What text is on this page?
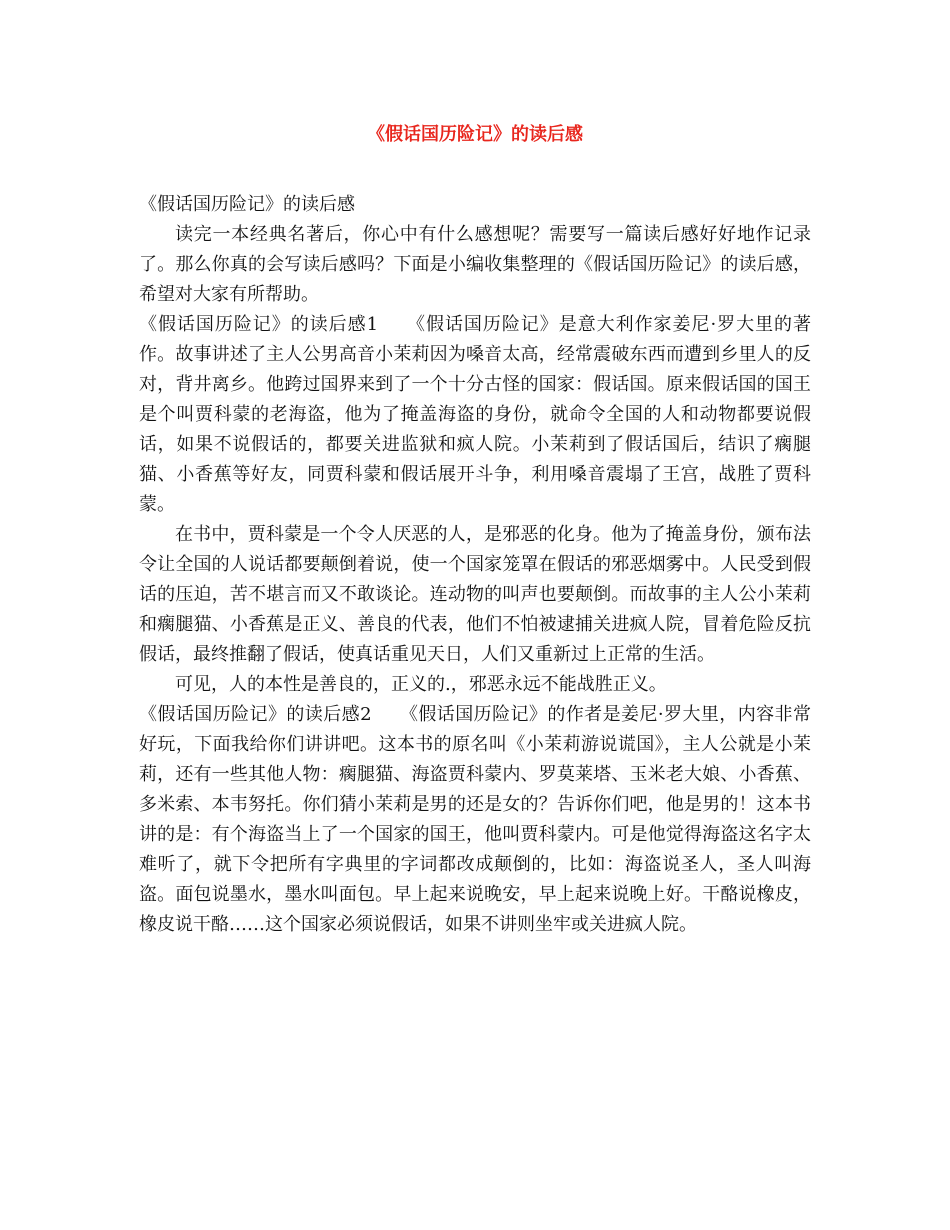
《假话国历险记》的读后感

《假话国历险记》的读后感

读完一本经典名著后，你心中有什么感想呢？需要写一篇读后感好好地作记录了。那么你真的会写读后感吗？下面是小编收集整理的《假话国历险记》的读后感，希望对大家有所帮助。

《假话国历险记》的读后感1 《假话国历险记》是意大利作家姜尼·罗大里的著作。故事讲述了主人公男高音小茉莉因为嗓音太高，经常震破东西而遭到乡里人的反对，背井离乡。他跨过国界来到了一个十分古怪的国家：假话国。原来假话国的国王是个叫贾科蒙的老海盗，他为了掩盖海盗的身份，就命令全国的人和动物都要说假话，如果不说假话的，都要关进监狱和疯人院。小茉莉到了假话国后，结识了瘸腿猫、小香蕉等好友，同贾科蒙和假话展开斗争，利用嗓音震塌了王宫，战胜了贾科蒙。

在书中，贾科蒙是一个令人厌恶的人，是邪恶的化身。他为了掩盖身份，颁布法令让全国的人说话都要颠倒着说，使一个国家笼罩在假话的邪恶烟雾中。人民受到假话的压迫，苦不堪言而又不敢谈论。连动物的叫声也要颠倒。而故事的主人公小茉莉和瘸腿猫、小香蕉是正义、善良的代表，他们不怕被逮捕关进疯人院，冒着危险反抗假话，最终推翻了假话，使真话重见天日，人们又重新过上正常的生活。

可见，人的本性是善良的，正义的.，邪恶永远不能战胜正义。

《假话国历险记》的读后感2 《假话国历险记》的作者是姜尼·罗大里，内容非常好玩，下面我给你们讲讲吧。这本书的原名叫《小茉莉游说谎国》，主人公就是小茉莉，还有一些其他人物：瘸腿猫、海盗贾科蒙内、罗莫莱塔、玉米老大娘、小香蕉、多米索、本韦努托。你们猜小茉莉是男的还是女的？告诉你们吧，他是男的！这本书讲的是：有个海盗当上了一个国家的国王，他叫贾科蒙内。可是他觉得海盗这名字太难听了，就下令把所有字典里的字词都改成颠倒的，比如：海盗说圣人，圣人叫海盗。面包说墨水，墨水叫面包。早上起来说晚安，早上起来说晚上好。干酪说橡皮，橡皮说干酪……这个国家必须说假话，如果不讲则坐牢或关进疯人院。
